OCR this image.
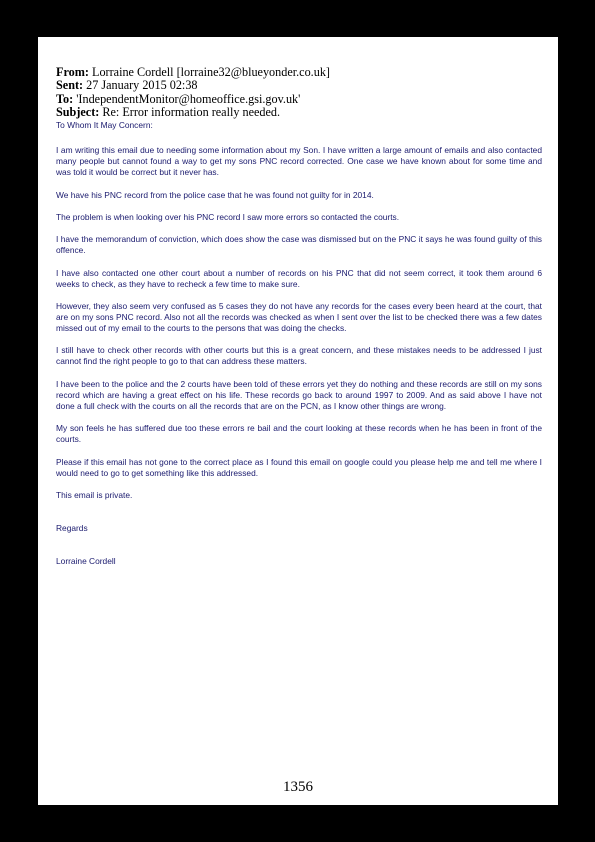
From: Lorraine Cordell [lorraine32@blueyonder.co.uk]
Sent: 27 January 2015 02:38
To: 'IndependentMonitor@homeoffice.gsi.gov.uk'
Subject: Re: Error information really needed.

To Whom It May Concern:

I am writing this email due to needing some information about my Son. I have written a large amount of emails and also contacted many people but cannot found a way to get my sons PNC record corrected. One case we have known about for some time and was told it would be correct but it never has.

We have his PNC record from the police case that he was found not guilty for in 2014.

The problem is when looking over his PNC record I saw more errors so contacted the courts.

I have the memorandum of conviction, which does show the case was dismissed but on the PNC it says he was found guilty of this offence.

I have also contacted one other court about a number of records on his PNC that did not seem correct, it took them around 6 weeks to check, as they have to recheck a few time to make sure.

However, they also seem very confused as 5 cases they do not have any records for the cases every been heard at the court, that are on my sons PNC record. Also not all the records was checked as when I sent over the list to be checked there was a few dates missed out of my email to the courts to the persons that was doing the checks.

I still have to check other records with other courts but this is a great concern, and these mistakes needs to be addressed I just cannot find the right people to go to that can address these matters.

I have been to the police and the 2 courts have been told of these errors yet they do nothing and these records are still on my sons record which are having a great effect on his life. These records go back to around 1997 to 2009. And as said above I have not done a full check with the courts on all the records that are on the PCN, as I know other things are wrong.

My son feels he has suffered due too these errors re bail and the court looking at these records when he has been in front of the courts.

Please if this email has not gone to the correct place as I found this email on google could you please help me and tell me where I would need to go to get something like this addressed.

This email is private.

Regards

Lorraine Cordell

1356
